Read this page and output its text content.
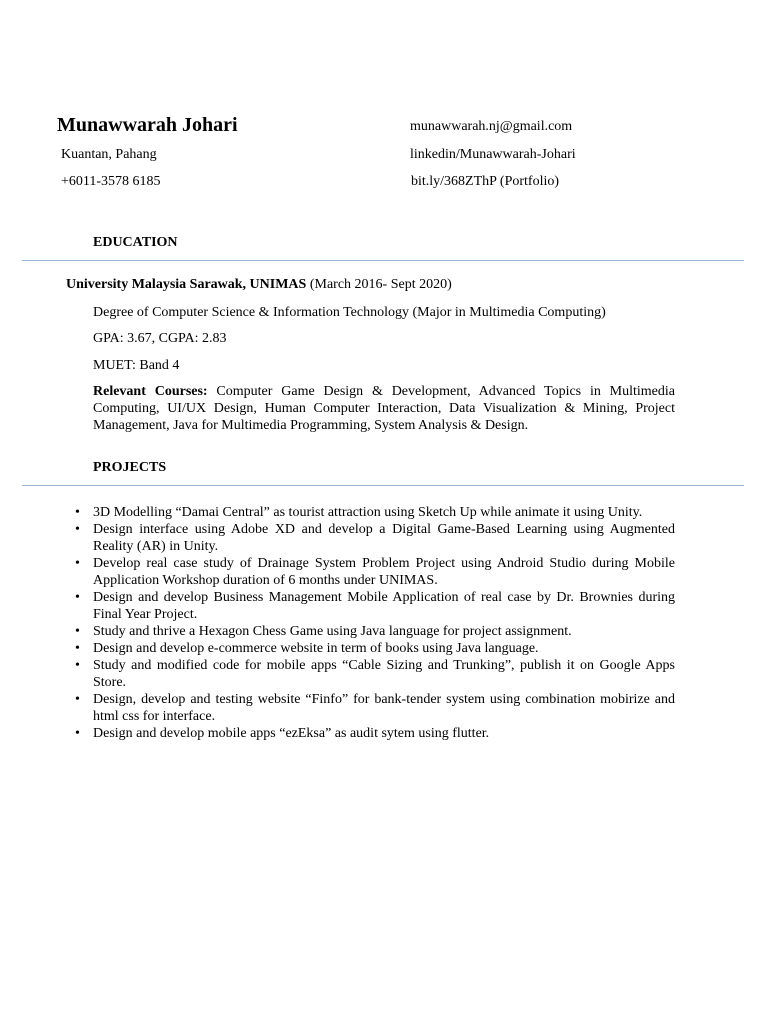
Munawwarah Johari
Kuantan, Pahang
+6011-3578 6185
munawwarah.nj@gmail.com
linkedin/Munawwarah-Johari
bit.ly/368ZThP (Portfolio)
EDUCATION
University Malaysia Sarawak, UNIMAS (March 2016- Sept 2020)
Degree of Computer Science & Information Technology (Major in Multimedia Computing)
GPA: 3.67, CGPA: 2.83
MUET: Band 4
Relevant Courses: Computer Game Design & Development, Advanced Topics in Multimedia Computing, UI/UX Design, Human Computer Interaction, Data Visualization & Mining, Project Management, Java for Multimedia Programming, System Analysis & Design.
PROJECTS
• 3D Modelling “Damai Central” as tourist attraction using Sketch Up while animate it using Unity.
• Design interface using Adobe XD and develop a Digital Game-Based Learning using Augmented Reality (AR) in Unity.
• Develop real case study of Drainage System Problem Project using Android Studio during Mobile Application Workshop duration of 6 months under UNIMAS.
• Design and develop Business Management Mobile Application of real case by Dr. Brownies during Final Year Project.
• Study and thrive a Hexagon Chess Game using Java language for project assignment.
• Design and develop e-commerce website in term of books using Java language.
• Study and modified code for mobile apps “Cable Sizing and Trunking”, publish it on Google Apps Store.
• Design, develop and testing website “Finfo” for bank-tender system using combination mobirize and html css for interface.
• Design and develop mobile apps “ezEksa” as audit sytem using flutter.
